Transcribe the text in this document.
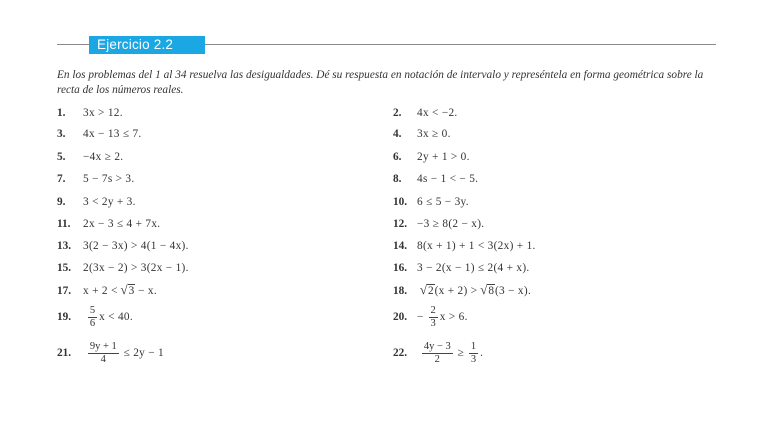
Ejercicio 2.2
En los problemas del 1 al 34 resuelva las desigualdades. Dé su respuesta en notación de intervalo y represéntela en forma geométrica sobre la recta de los números reales.
1. 3x > 12.	2. 4x < −2.
3. 4x − 13 ≤ 7.	4. 3x ≥ 0.
5. −4x ≥ 2.	6. 2y + 1 > 0.
7. 5 − 7s > 3.	8. 4s − 1 < − 5.
9. 3 < 2y + 3.	10. 6 ≤ 5 − 3y.
11. 2x − 3 ≤ 4 + 7x.	12. −3 ≥ 8(2 − x).
13. 3(2 − 3x) > 4(1 − 4x).	14. 8(x + 1) + 1 < 3(2x) + 1.
15. 2(3x − 2) > 3(2x − 1).	16. 3 − 2(x − 1) ≤ 2(4 + x).
17. x + 2 < √3 − x.	18. √2(x + 2) > √8(3 − x).
19. $\frac{5}{6}$ x < 40.	20. − $\frac{2}{3}$ x > 6.
21. $\frac{9y + 1}{4} \le 2y - 1$	22. $\frac{4y - 3}{2} \ge \frac{1}{3}$ .
